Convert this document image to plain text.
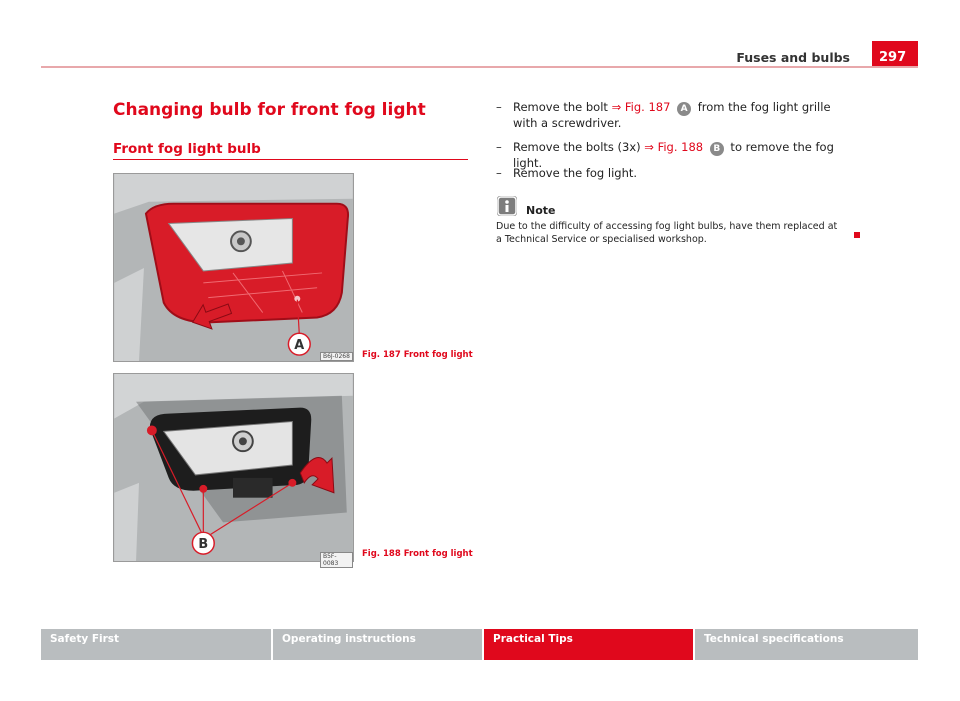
Fuses and bulbs	297
Changing bulb for front fog light
Front fog light bulb
A
B6J-0268	Fig. 187 Front fog light
B
B5F-0083
Fig. 188 Front fog light
– Remove the bolt ⇒ Fig. 187 A from the fog light grille with a screwdriver.
– Remove the bolts (3x) ⇒ Fig. 188 B to remove the fog light.
– Remove the fog light.
Note
Due to the difficulty of accessing fog light bulbs, have them replaced at a Technical Service or specialised workshop.
Safety First	Operating instructions	Practical Tips	Technical specifications
